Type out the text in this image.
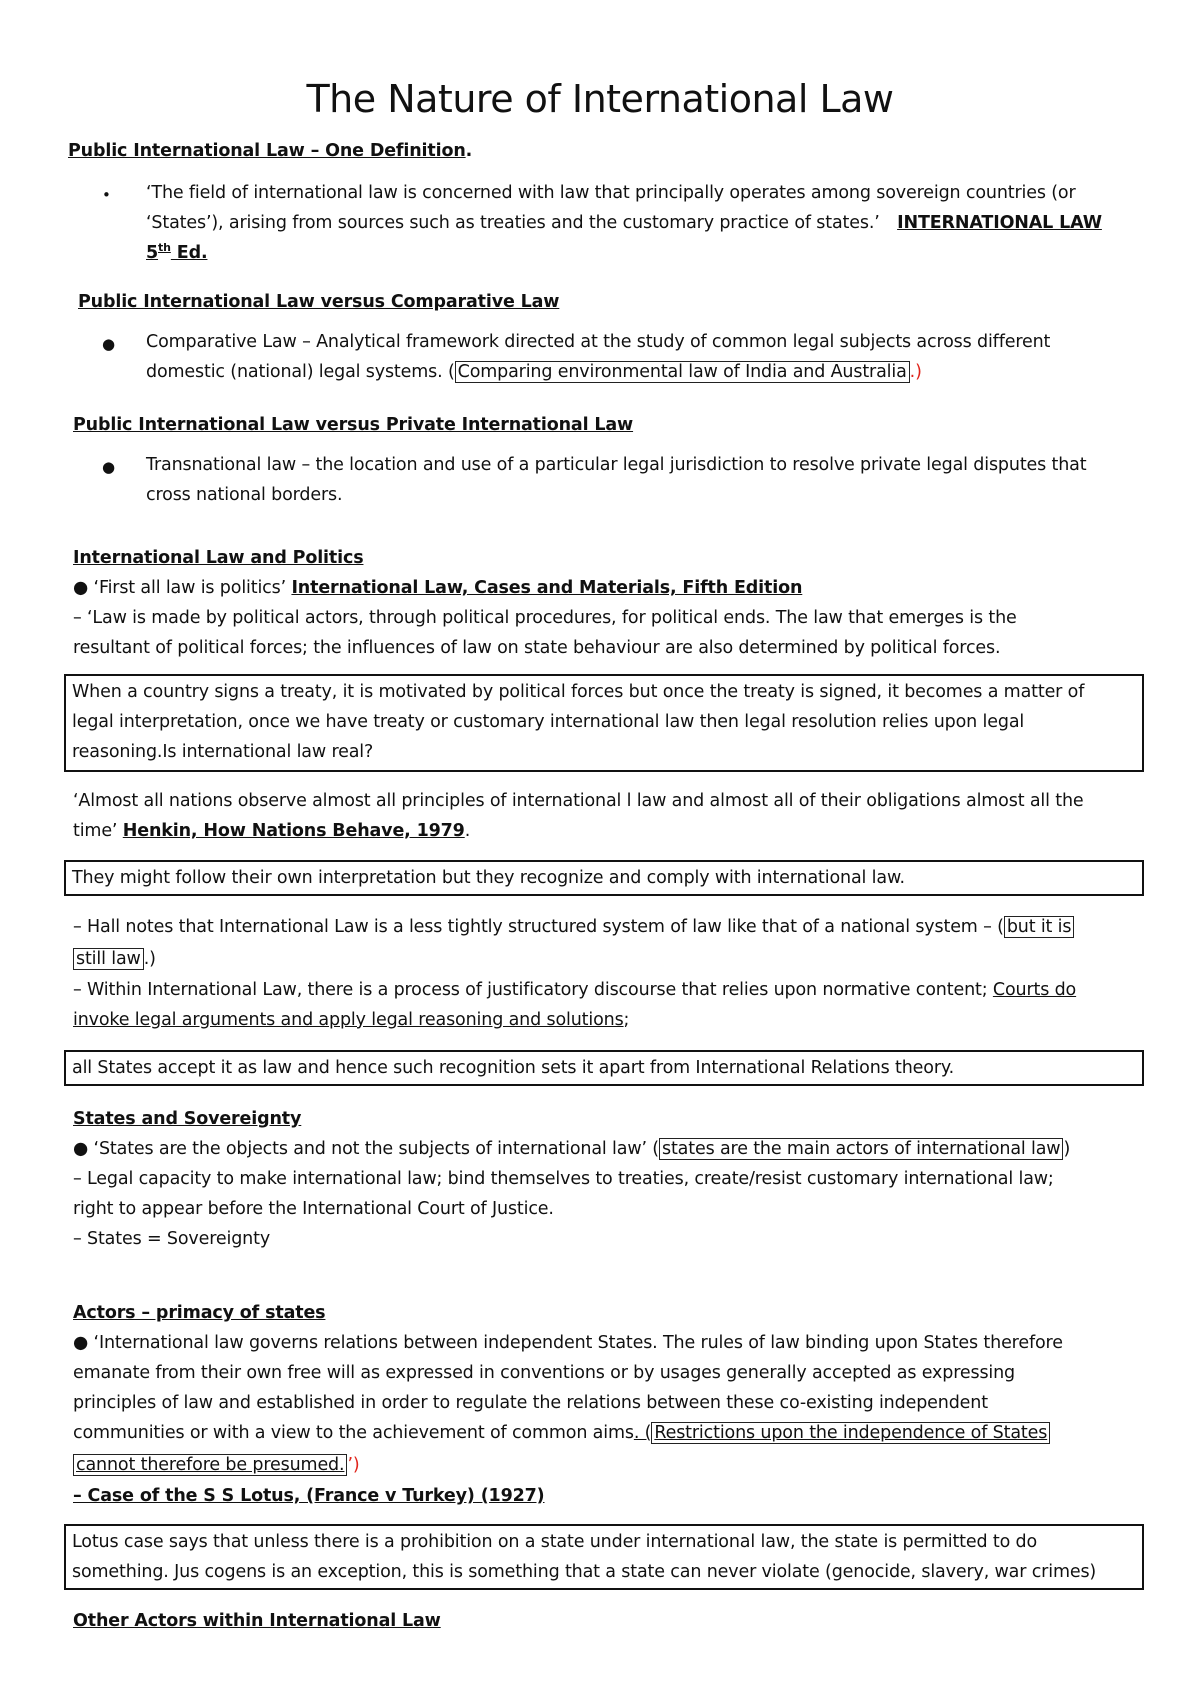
The Nature of International Law
Public International Law – One Definition.
• ‘The field of international law is concerned with law that principally operates among sovereign countries (or
‘States’), arising from sources such as treaties and the customary practice of states.’ INTERNATIONAL LAW
5th Ed.
Public International Law versus Comparative Law
● Comparative Law – Analytical framework directed at the study of common legal subjects across different
domestic (national) legal systems. ( Comparing environmental law of India and Australia .)
Public International Law versus Private International Law
● Transnational law – the location and use of a particular legal jurisdiction to resolve private legal disputes that
cross national borders.
International Law and Politics
● ‘First all law is politics’ International Law, Cases and Materials, Fifth Edition
– ‘Law is made by political actors, through political procedures, for political ends. The law that emerges is the
resultant of political forces; the influences of law on state behaviour are also determined by political forces.
When a country signs a treaty, it is motivated by political forces but once the treaty is signed, it becomes a matter of
legal interpretation, once we have treaty or customary international law then legal resolution relies upon legal
reasoning.Is international law real?
‘Almost all nations observe almost all principles of international l law and almost all of their obligations almost all the
time’ Henkin, How Nations Behave, 1979.
They might follow their own interpretation but they recognize and comply with international law.
– Hall notes that International Law is a less tightly structured system of law like that of a national system – ( but it is
still law .)
– Within International Law, there is a process of justificatory discourse that relies upon normative content; Courts do
invoke legal arguments and apply legal reasoning and solutions;
all States accept it as law and hence such recognition sets it apart from International Relations theory.
States and Sovereignty
● ‘States are the objects and not the subjects of international law’ ( states are the main actors of international law )
– Legal capacity to make international law; bind themselves to treaties, create/resist customary international law;
right to appear before the International Court of Justice.
– States = Sovereignty
Actors – primacy of states
● ‘International law governs relations between independent States. The rules of law binding upon States therefore
emanate from their own free will as expressed in conventions or by usages generally accepted as expressing
principles of law and established in order to regulate the relations between these co-existing independent
communities or with a view to the achievement of common aims. ( Restrictions upon the independence of States
cannot therefore be presumed. ’)
– Case of the S S Lotus, (France v Turkey) (1927)
Lotus case says that unless there is a prohibition on a state under international law, the state is permitted to do
something. Jus cogens is an exception, this is something that a state can never violate (genocide, slavery, war crimes)
Other Actors within International Law
